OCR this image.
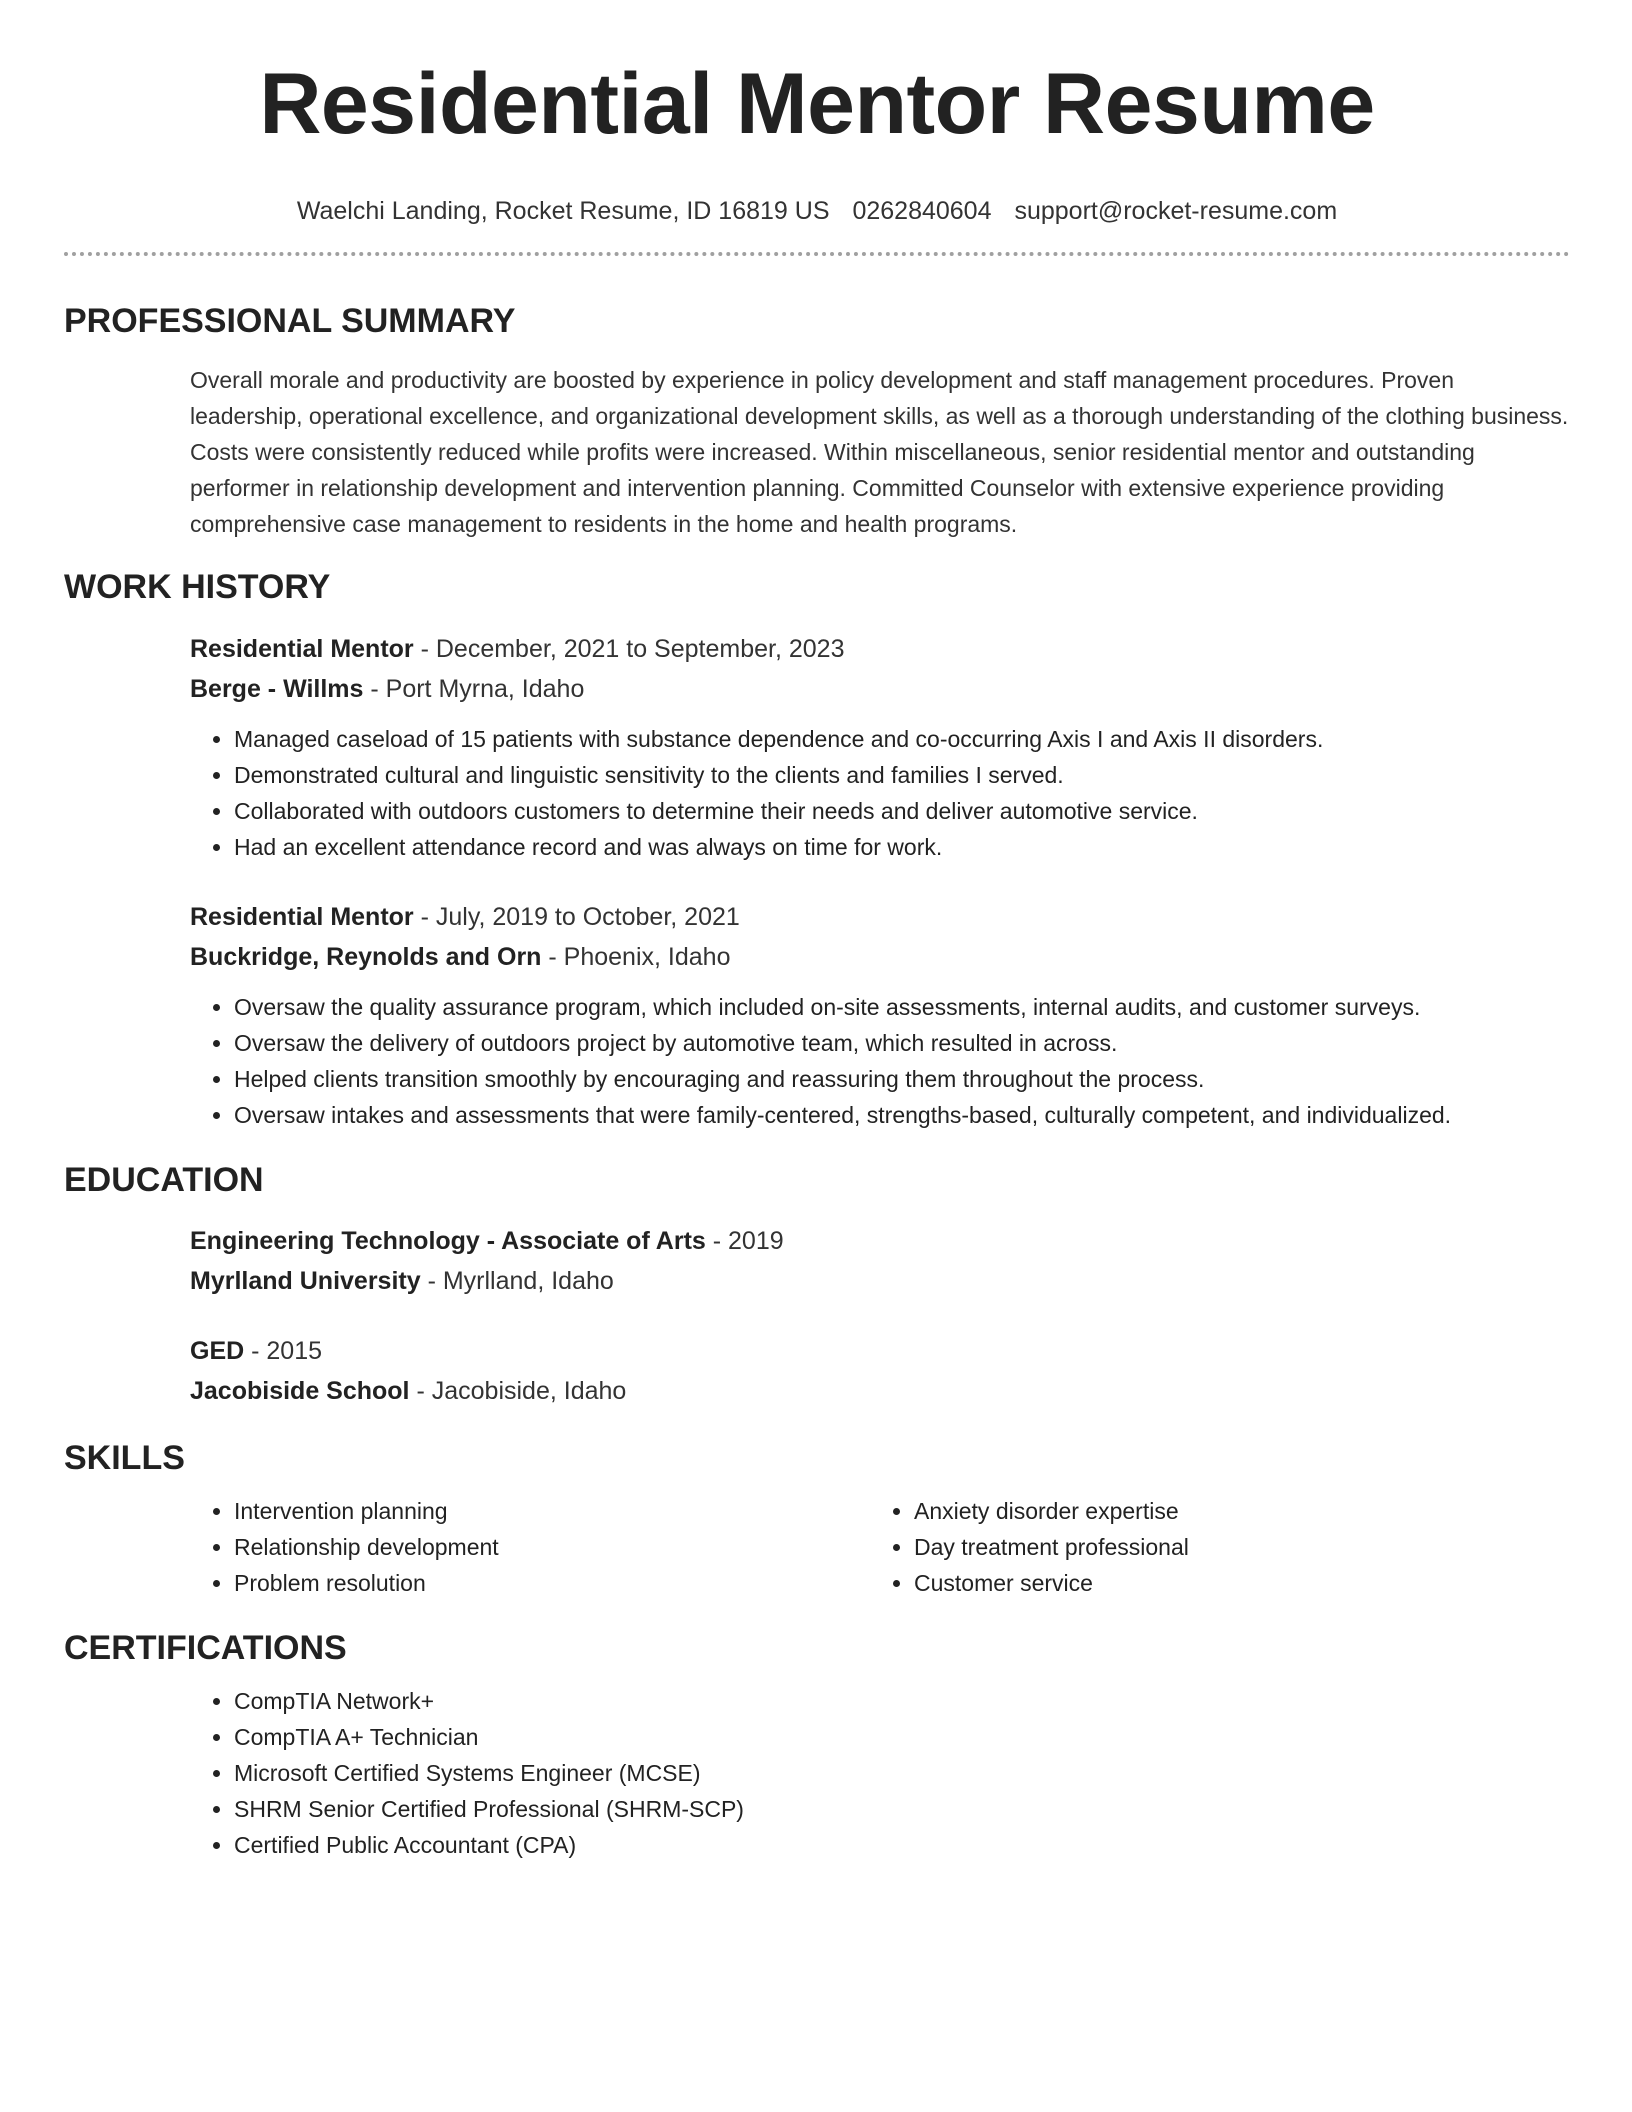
Residential Mentor Resume
Waelchi Landing, Rocket Resume, ID 16819 US 0262840604 support@rocket-resume.com
PROFESSIONAL SUMMARY
Overall morale and productivity are boosted by experience in policy development and staff management procedures. Proven leadership, operational excellence, and organizational development skills, as well as a thorough understanding of the clothing business. Costs were consistently reduced while profits were increased. Within miscellaneous, senior residential mentor and outstanding performer in relationship development and intervention planning. Committed Counselor with extensive experience providing comprehensive case management to residents in the home and health programs.
WORK HISTORY
Residential Mentor - December, 2021 to September, 2023
Berge - Willms - Port Myrna, Idaho
• Managed caseload of 15 patients with substance dependence and co-occurring Axis I and Axis II disorders.
• Demonstrated cultural and linguistic sensitivity to the clients and families I served.
• Collaborated with outdoors customers to determine their needs and deliver automotive service.
• Had an excellent attendance record and was always on time for work.
Residential Mentor - July, 2019 to October, 2021
Buckridge, Reynolds and Orn - Phoenix, Idaho
• Oversaw the quality assurance program, which included on-site assessments, internal audits, and customer surveys.
• Oversaw the delivery of outdoors project by automotive team, which resulted in across.
• Helped clients transition smoothly by encouraging and reassuring them throughout the process.
• Oversaw intakes and assessments that were family-centered, strengths-based, culturally competent, and individualized.
EDUCATION
Engineering Technology - Associate of Arts - 2019
Myrlland University - Myrlland, Idaho
GED - 2015
Jacobiside School - Jacobiside, Idaho
SKILLS
• Intervention planning
• Relationship development
• Problem resolution
• Anxiety disorder expertise
• Day treatment professional
• Customer service
CERTIFICATIONS
• CompTIA Network+
• CompTIA A+ Technician
• Microsoft Certified Systems Engineer (MCSE)
• SHRM Senior Certified Professional (SHRM-SCP)
• Certified Public Accountant (CPA)
